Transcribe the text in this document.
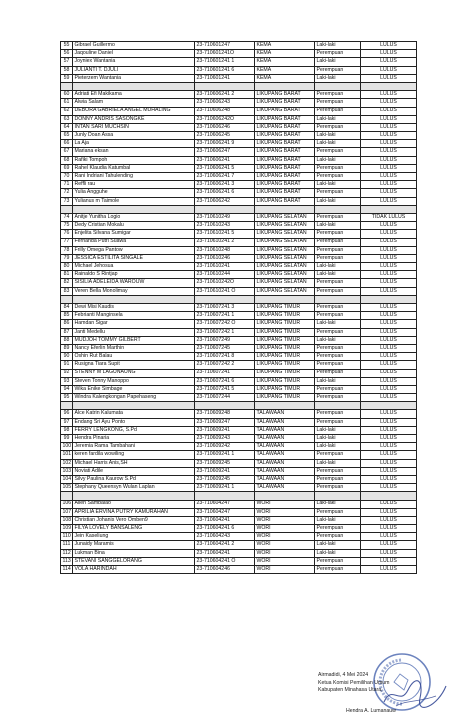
55	Gibrael Guillermo	23-710601247	KEMA	Laki-laki	LULUS
56	Jaqouline Daniel	23-710601241O	KEMA	Perempuan	LULUS
57	Joyniex Wantania	23-710601241 1	KEMA	Laki-laki	LULUS
58	JULIANTI T. DJULI	23-710601241 6	KEMA	Perempuan	LULUS
59	Pieterzem Wantania	23-710601241	KEMA	Laki-laki	LULUS

60	Adriati Efi Makikama	23-710606241 2	LIKUPANG BARAT	Perempuan	LULUS
61	Alwia Salam	23-710606243	LIKUPANG BARAT	Perempuan	LULUS
62	DEBORA GABRIELA ANGEL MUHALING	23-710606248	LIKUPANG BARAT	Perempuan	LULUS
63	DONNY ANDRIS SASONGKE	23-710606242O	LIKUPANG BARAT	Laki-laki	LULUS
64	INTAN SARI MUCHSIN	23-710606246	LIKUPANG BARAT	Perempuan	LULUS
65	Junly Doan Assa	23-710606245	LIKUPANG BARAT	Laki-laki	LULUS
66	La Aja	23-710606241 9	LIKUPANG BARAT	Laki-laki	LULUS
67	Mariana eksan	23-710606247	LIKUPANG BARAT	Perempuan	LULUS
68	Rafiki Tompoh	23-710606241	LIKUPANG BARAT	Laki-laki	LULUS
69	Rahel Klaudia Katumbal	23-710606241 5	LIKUPANG BARAT	Perempuan	LULUS
70	Rani Indriani Tahulending	23-710606241 7	LIKUPANG BARAT	Perempuan	LULUS
71	Reffli rau	23-710606241 3	LIKUPANG BARAT	Laki-laki	LULUS
72	Yulia Angguhe	23-710606241 6	LIKUPANG BARAT	Perempuan	LULUS
73	Yulianus m Taimole	23-710606242	LIKUPANG BARAT	Laki-laki	LULUS

74	Anitje Yunitha Logio	23-710610249	LIKUPANG SELATAN	Perempuan	TIDAK LULUS
75	Dedy Cristian Mokalu	23-710610243	LIKUPANG SELATAN	Laki-laki	LULUS
76	Enjelita Silvana Sumigar	23-710610241 5	LIKUPANG SELATAN	Perempuan	LULUS
77	Fernanda Putri Suawa	23-710610241 2	LIKUPANG SELATAN	Perempuan	LULUS
78	Frilly Omega Pantow	23-710610248	LIKUPANG SELATAN	Perempuan	LULUS
79	JESSICA ESTILITA SINGALE	23-710610246	LIKUPANG SELATAN	Perempuan	LULUS
80	Michael Jehosua	23-710610241	LIKUPANG SELATAN	Laki-laki	LULUS
81	Rainaldo S Rintjap	23-710610244	LIKUPANG SELATAN	Laki-laki	LULUS
82	SISILIA ADELEIDA WAROUW	23-710610242O	LIKUPANG SELATAN	Perempuan	LULUS
83	Veren Bella Monolimay	23-710610241 O	LIKUPANG SELATAN	Perempuan	LULUS

84	Dewi Misi Kaudis	23-710607241 3	LIKUPANG TIMUR	Perempuan	LULUS
85	Febrianti Manginsela	23-710607241 1	LIKUPANG TIMUR	Perempuan	LULUS
86	Hamdan Sigar	23-710607242 O	LIKUPANG TIMUR	Laki-laki	LULUS
87	Janti Medellu	23-710607242 1	LIKUPANG TIMUR	Perempuan	LULUS
88	MUDJOH TOMMY GILBERT	23-710607249	LIKUPANG TIMUR	Laki-laki	LULUS
89	Nancy Eferlin Marthin	23-710607245	LIKUPANG TIMUR	Perempuan	LULUS
90	Oshin Rut Balau	23-710607241 8	LIKUPANG TIMUR	Perempuan	LULUS
91	Rusigna Tiara Supit	23-710607242 2	LIKUPANG TIMUR	Perempuan	LULUS
92	STENNY M LAGUNAUNG	23-710607241	LIKUPANG TIMUR	Perempuan	LULUS
93	Steven Tonny Manoppo	23-710607241 6	LIKUPANG TIMUR	Laki-laki	LULUS
94	Wika Enike Simbage	23-710607241 5	LIKUPANG TIMUR	Perempuan	LULUS
95	Windra Kalengkongan Papehaseng	23-710607244	LIKUPANG TIMUR	Perempuan	LULUS

96	Alce Katrin Kalumata	23-710609248	TALAWAAN	Perempuan	LULUS
97	Endang Sri Ayu Ponto	23-710609247	TALAWAAN	Perempuan	LULUS
98	FERRY LENGKONG, S.Pd	23-710609241	TALAWAAN	Laki-laki	LULUS
99	Hendra Pinaria	23-710609243	TALAWAAN	Laki-laki	LULUS
100	Jeremia Rama Tambahani	23-710609242	TALAWAAN	Laki-laki	LULUS
101	keren fardila wowiling	23-710609241 1	TALAWAAN	Perempuan	LULUS
102	Michael Harris Anis,SH	23-710609245	TALAWAAN	Laki-laki	LULUS
103	Noviati Adile	23-710609241	TALAWAAN	Perempuan	LULUS
104	Silvy Paulina Kaurow S.Pd	23-710609245	TALAWAAN	Perempuan	LULUS
105	Stephany Queensyn Wulan Laplan	23-710609241 1	TALAWAAN	Perempuan	LULUS

106	Allen Sambalao	23-710604247	WORI	Laki-laki	LULUS
107	APRILIA ERVINA PUTRY KAMURAHAN	23-710604247	WORI	Perempuan	LULUS
108	Christian Johanis Vero Omben9	23-710604241	WORI	Laki-laki	LULUS
109	FILYA LOVELY BANSALENG	23-710604241 6	WORI	Perempuan	LULUS
110	Jein Kaseliung	23-710604243	WORI	Perempuan	LULUS
111	Junaidy Maramis	23-710604241 2	WORI	Laki-laki	LULUS
112	Lukman Bina	23-710604241	WORI	Laki-laki	LULUS
113	STEVANI SANGGELORANG	23-710604241 O	WORI	Perempuan	LULUS
114	VOLA HARINDAH	23-710604246	WORI	Perempuan	LULUS
Airmadidi, 4 Mei 2024
Ketua Komisi Pemilihan Umum
Kabupaten Minahasa Utara,
Hendra A. Lumanauw
